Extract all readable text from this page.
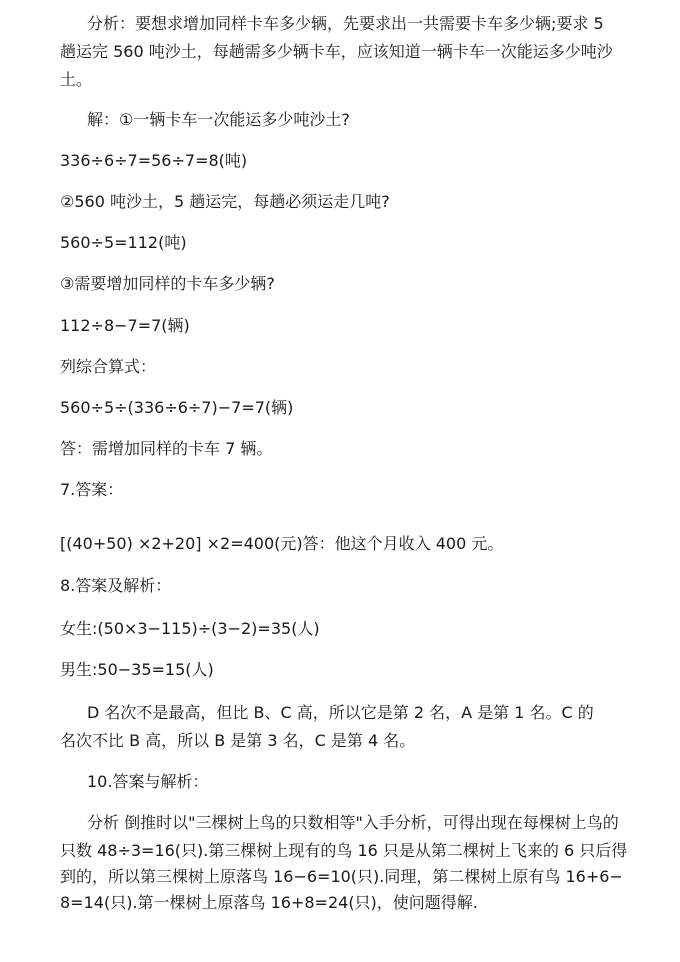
分析：要想求增加同样卡车多少辆，先要求出一共需要卡车多少辆;要求 5
趟运完 560 吨沙土，每趟需多少辆卡车，应该知道一辆卡车一次能运多少吨沙
土。
解：①一辆卡车一次能运多少吨沙土?
336÷6÷7=56÷7=8(吨)
②560 吨沙土，5 趟运完，每趟必须运走几吨?
560÷5=112(吨)
③需要增加同样的卡车多少辆?
112÷8−7=7(辆)
列综合算式：
560÷5÷(336÷6÷7)−7=7(辆)
答：需增加同样的卡车 7 辆。
7.答案：
[(40+50) ×2+20] ×2=400(元)答：他这个月收入 400 元。
8.答案及解析：
女生:(50×3−115)÷(3−2)=35(人)
男生:50−35=15(人)
D 名次不是最高，但比 B、C 高，所以它是第 2 名，A 是第 1 名。C 的
名次不比 B 高，所以 B 是第 3 名，C 是第 4 名。
10.答案与解析：
分析 倒推时以"三棵树上鸟的只数相等"入手分析，可得出现在每棵树上鸟的
只数 48÷3=16(只).第三棵树上现有的鸟 16 只是从第二棵树上飞来的 6 只后得
到的，所以第三棵树上原落鸟 16−6=10(只).同理，第二棵树上原有鸟 16+6−
8=14(只).第一棵树上原落鸟 16+8=24(只)，使问题得解.
